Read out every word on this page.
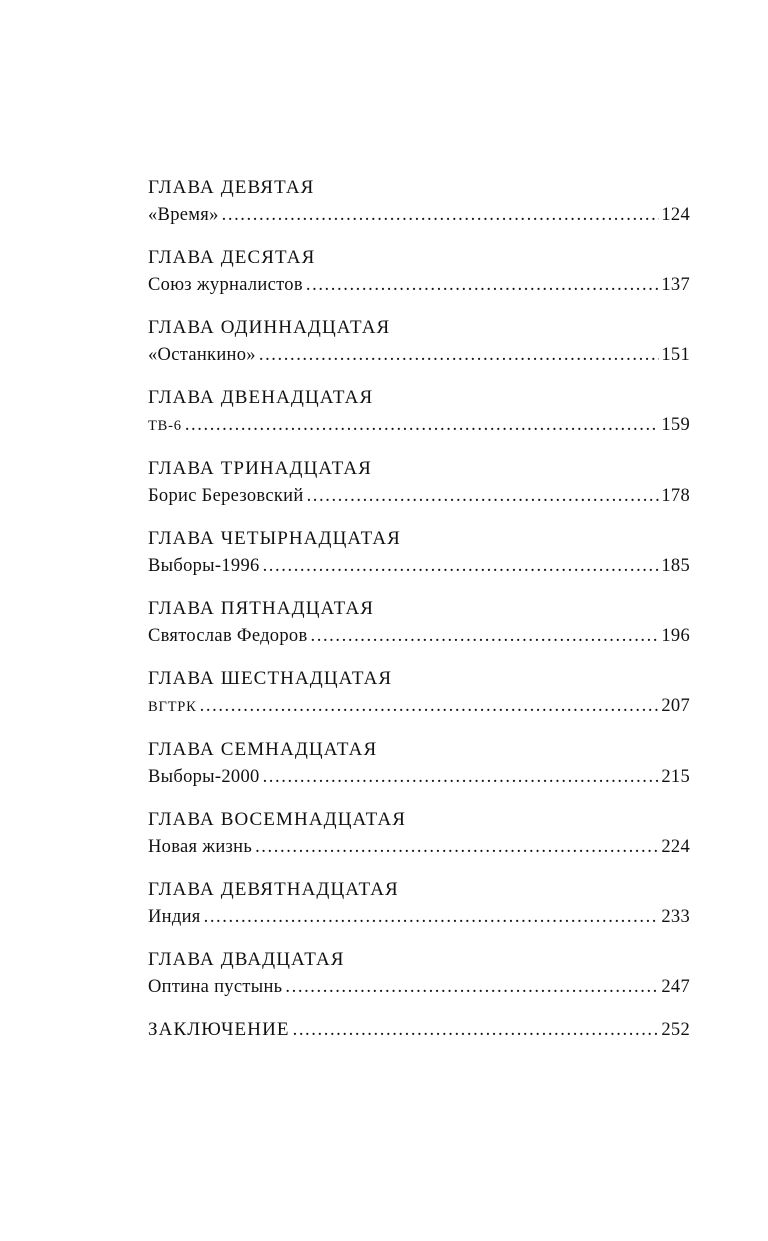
ГЛАВА ДЕВЯТАЯ
«Время» .....	124
ГЛАВА ДЕСЯТАЯ
Союз журналистов .....	137
ГЛАВА ОДИННАДЦАТАЯ
«Останкино» .....	151
ГЛАВА ДВЕНАДЦАТАЯ
ТВ-6 .....	159
ГЛАВА ТРИНАДЦАТАЯ
Борис Березовский .....	178
ГЛАВА ЧЕТЫРНАДЦАТАЯ
Выборы-1996 .....	185
ГЛАВА ПЯТНАДЦАТАЯ
Святослав Федоров .....	196
ГЛАВА ШЕСТНАДЦАТАЯ
ВГТРК .....	207
ГЛАВА СЕМНАДЦАТАЯ
Выборы-2000 .....	215
ГЛАВА ВОСЕМНАДЦАТАЯ
Новая жизнь .....	224
ГЛАВА ДЕВЯТНАДЦАТАЯ
Индия .....	233
ГЛАВА ДВАДЦАТАЯ
Оптина пустынь .....	247
ЗАКЛЮЧЕНИЕ .....	252
